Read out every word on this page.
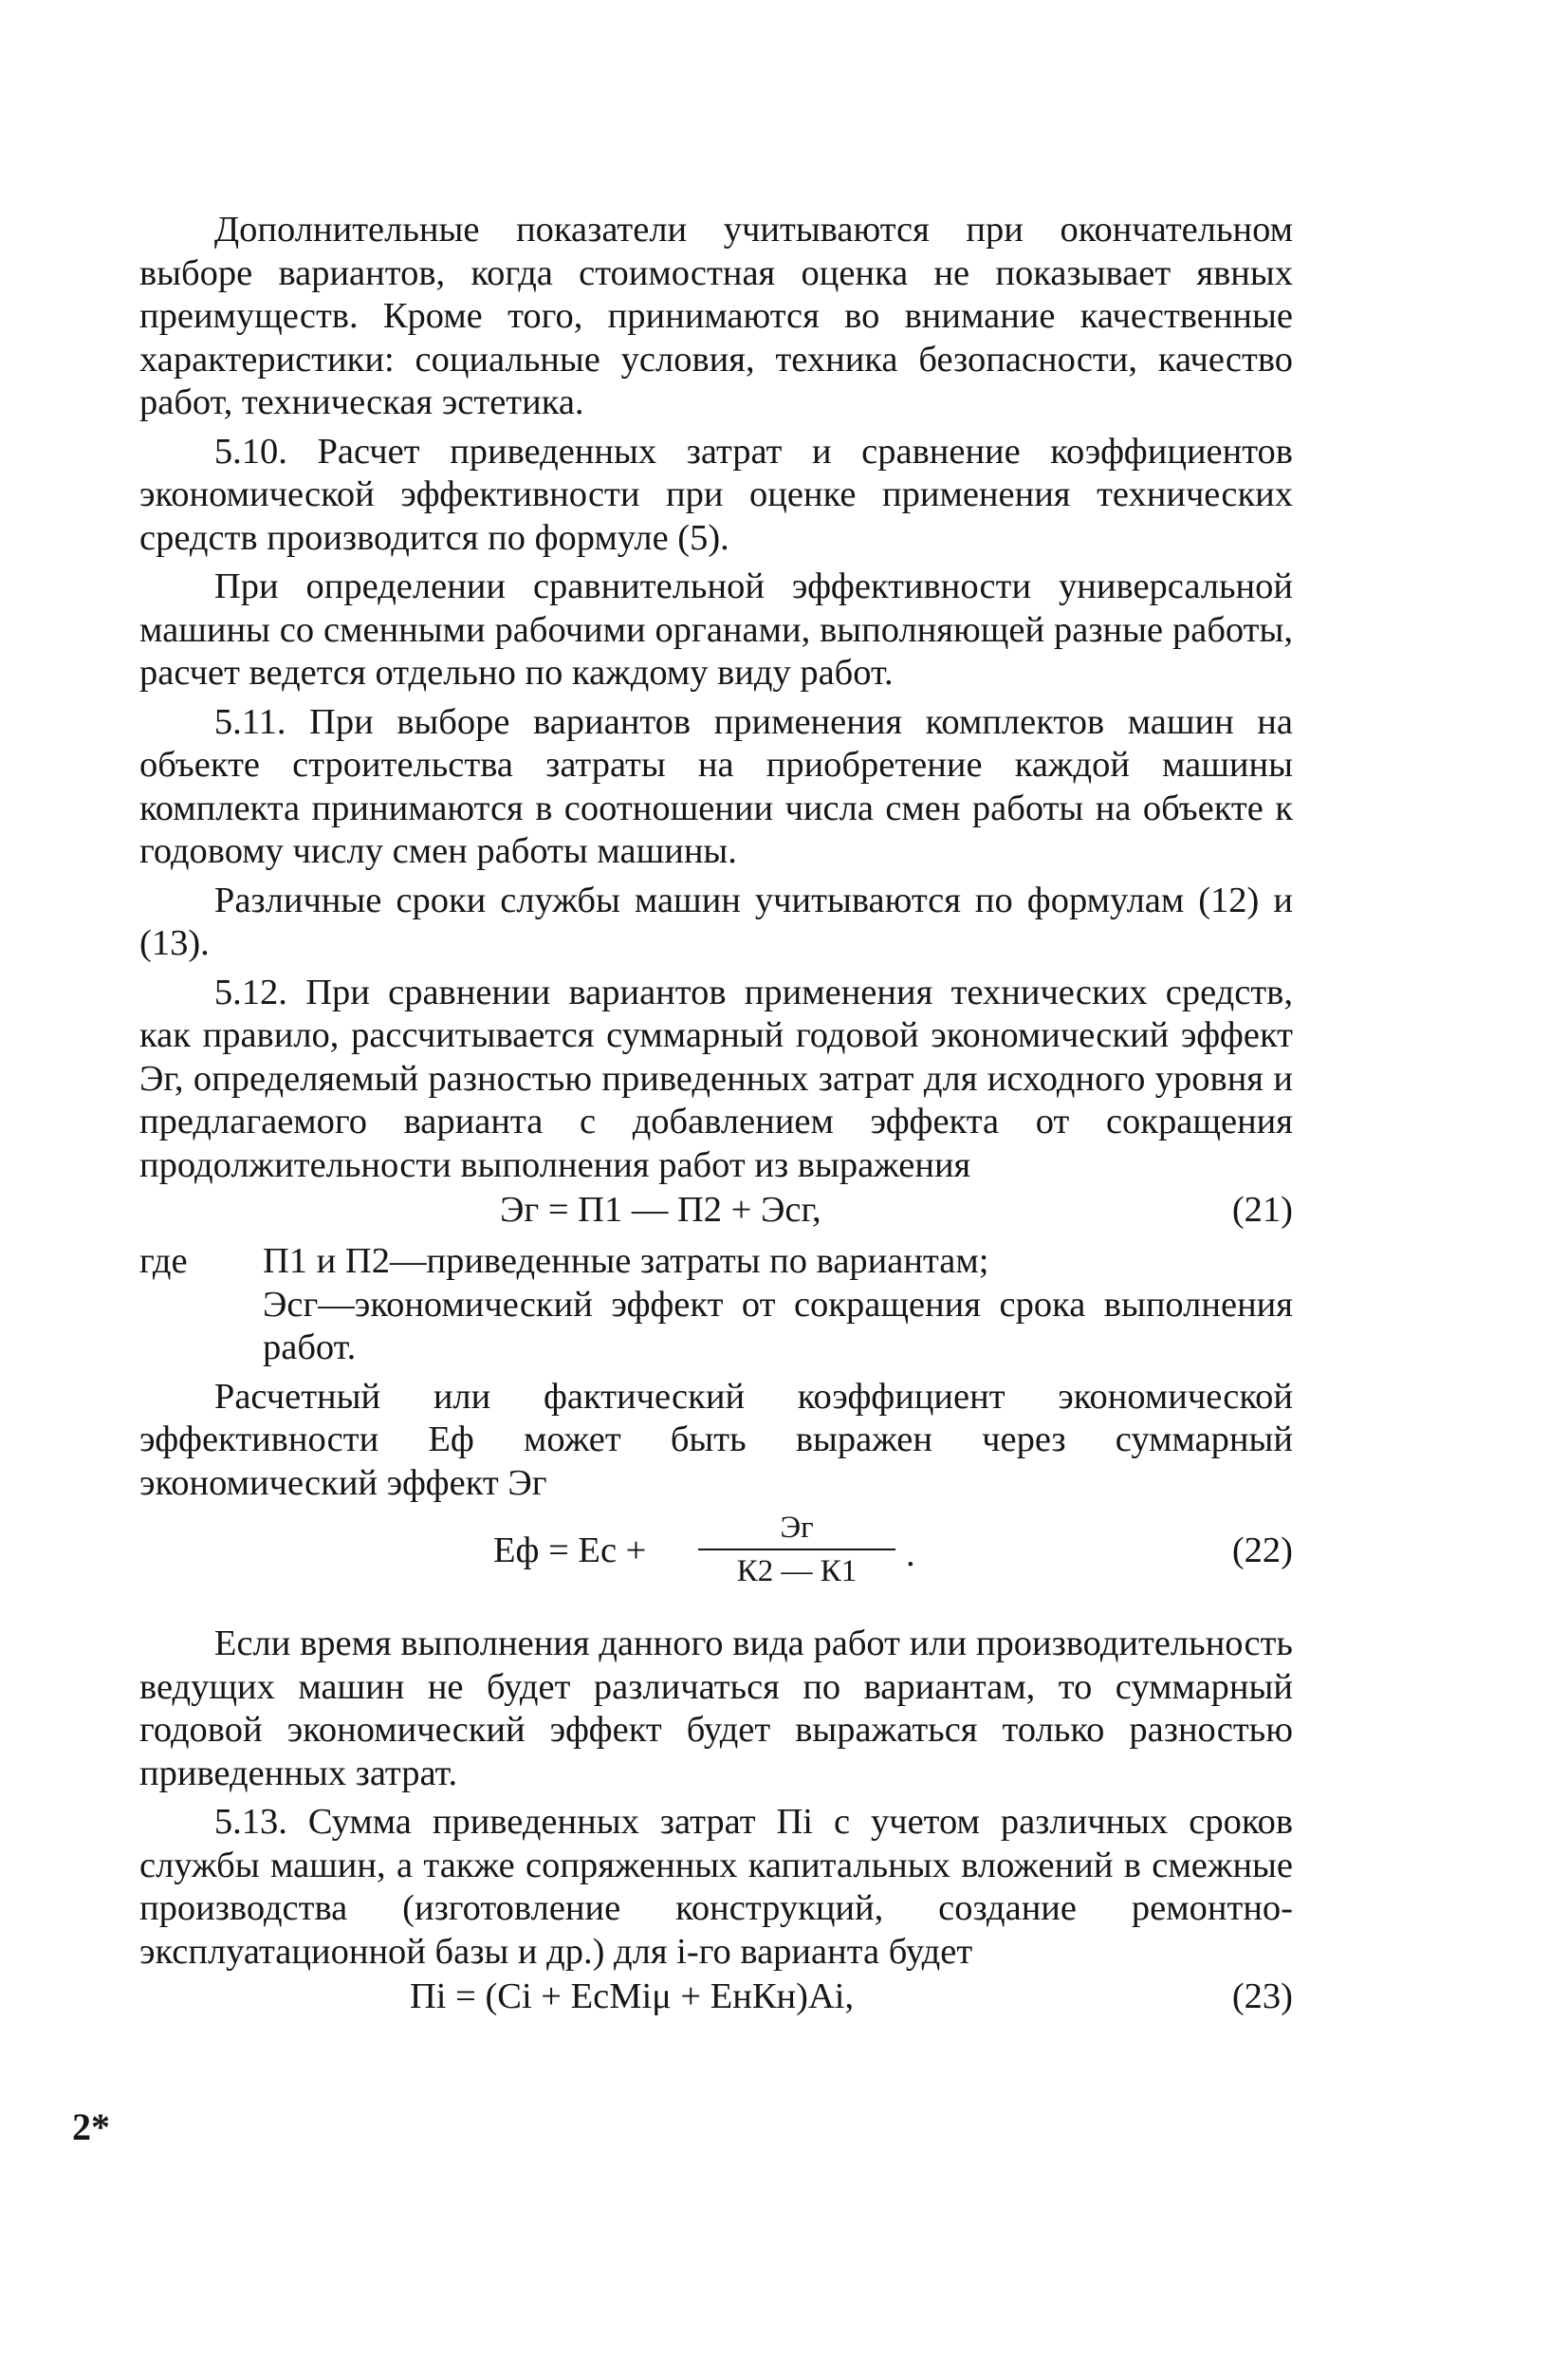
Дополнительные показатели учитываются при окончательном выборе вариантов, когда стоимостная оценка не показывает явных преимуществ. Кроме того, принимаются во внимание качественные характеристики: социальные условия, техника безопасности, качество работ, техническая эстетика.

5.10. Расчет приведенных затрат и сравнение коэффициентов экономической эффективности при оценке применения технических средств производится по формуле (5).

При определении сравнительной эффективности универсальной машины со сменными рабочими органами, выполняющей разные работы, расчет ведется отдельно по каждому виду работ.

5.11. При выборе вариантов применения комплектов машин на объекте строительства затраты на приобретение каждой машины комплекта принимаются в соотношении числа смен работы на объекте к годовому числу смен работы машины.

Различные сроки службы машин учитываются по формулам (12) и (13).

5.12. При сравнении вариантов применения технических средств, как правило, рассчитывается суммарный годовой экономический эффект Эг, определяемый разностью приведенных затрат для исходного уровня и предлагаемого варианта с добавлением эффекта от сокращения продолжительности выполнения работ из выражения

Эг = П1 — П2 + Эсг,	(21)
где	П1 и П2—приведенные затраты по вариантам;
Эсг—экономический эффект от сокращения срока выполнения работ.

Расчетный или фактический коэффициент экономической эффективности Еф может быть выражен через суммарный экономический эффект Эг

Еф = Ес +
Эг
К2 — К1	.	(22)

Если время выполнения данного вида работ или производительность ведущих машин не будет различаться по вариантам, то суммарный годовой экономический эффект будет выражаться только разностью приведенных затрат.

5.13. Сумма приведенных затрат Пi с учетом различных сроков службы машин, а также сопряженных капитальных вложений в смежные производства (изготовление конструкций, создание ремонтно-эксплуатационной базы и др.) для i-го варианта будет

Пi = (Сi + ЕсМiμ + ЕнКн)Аi,	(23)
2*
